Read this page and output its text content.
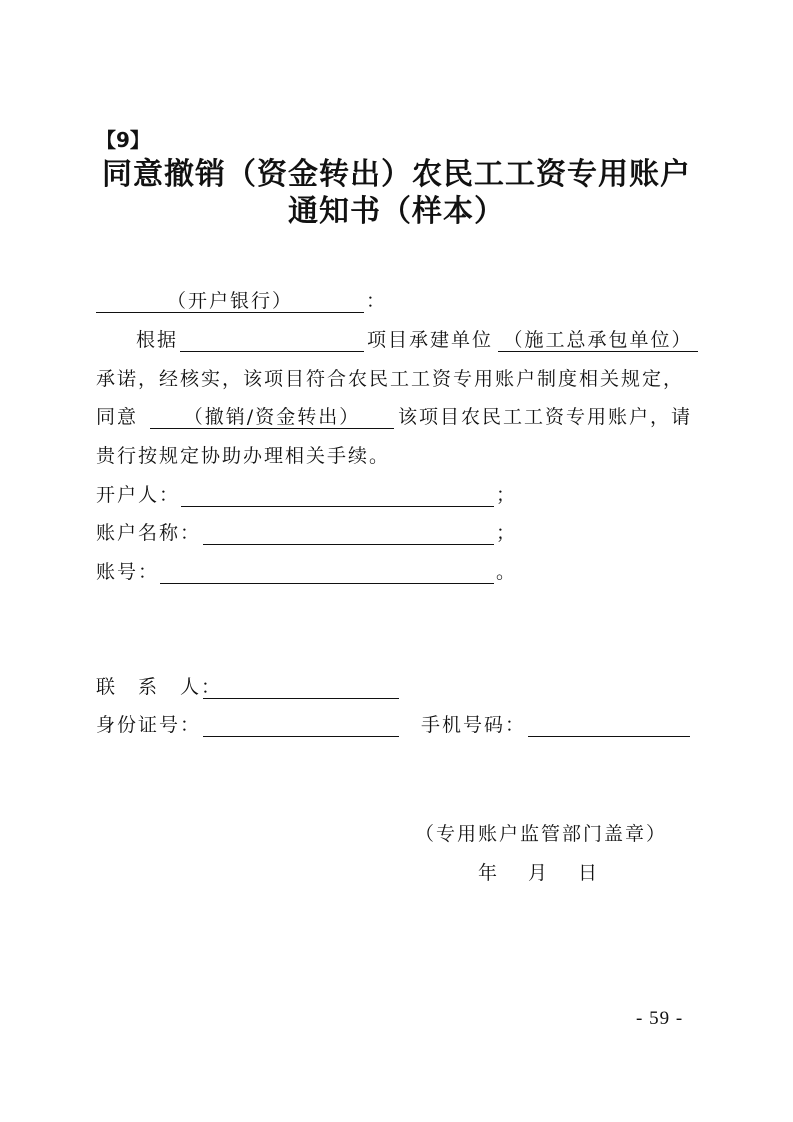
【9】
同意撤销（资金转出）农民工工资专用账户
通知书（样本）
（开户银行）	：
根据	项目承建单位 （施工总承包单位）
承诺，经核实，该项目符合农民工工资专用账户制度相关规定，
同意	（撤销/资金转出）	该项目农民工工资专用账户，请
贵行按规定协助办理相关手续。
开户人：	；
账户名称：	；
账号：	。
联　系　人：
身份证号：	手机号码：
（专用账户监管部门盖章）
年　月　日
- 59 -
